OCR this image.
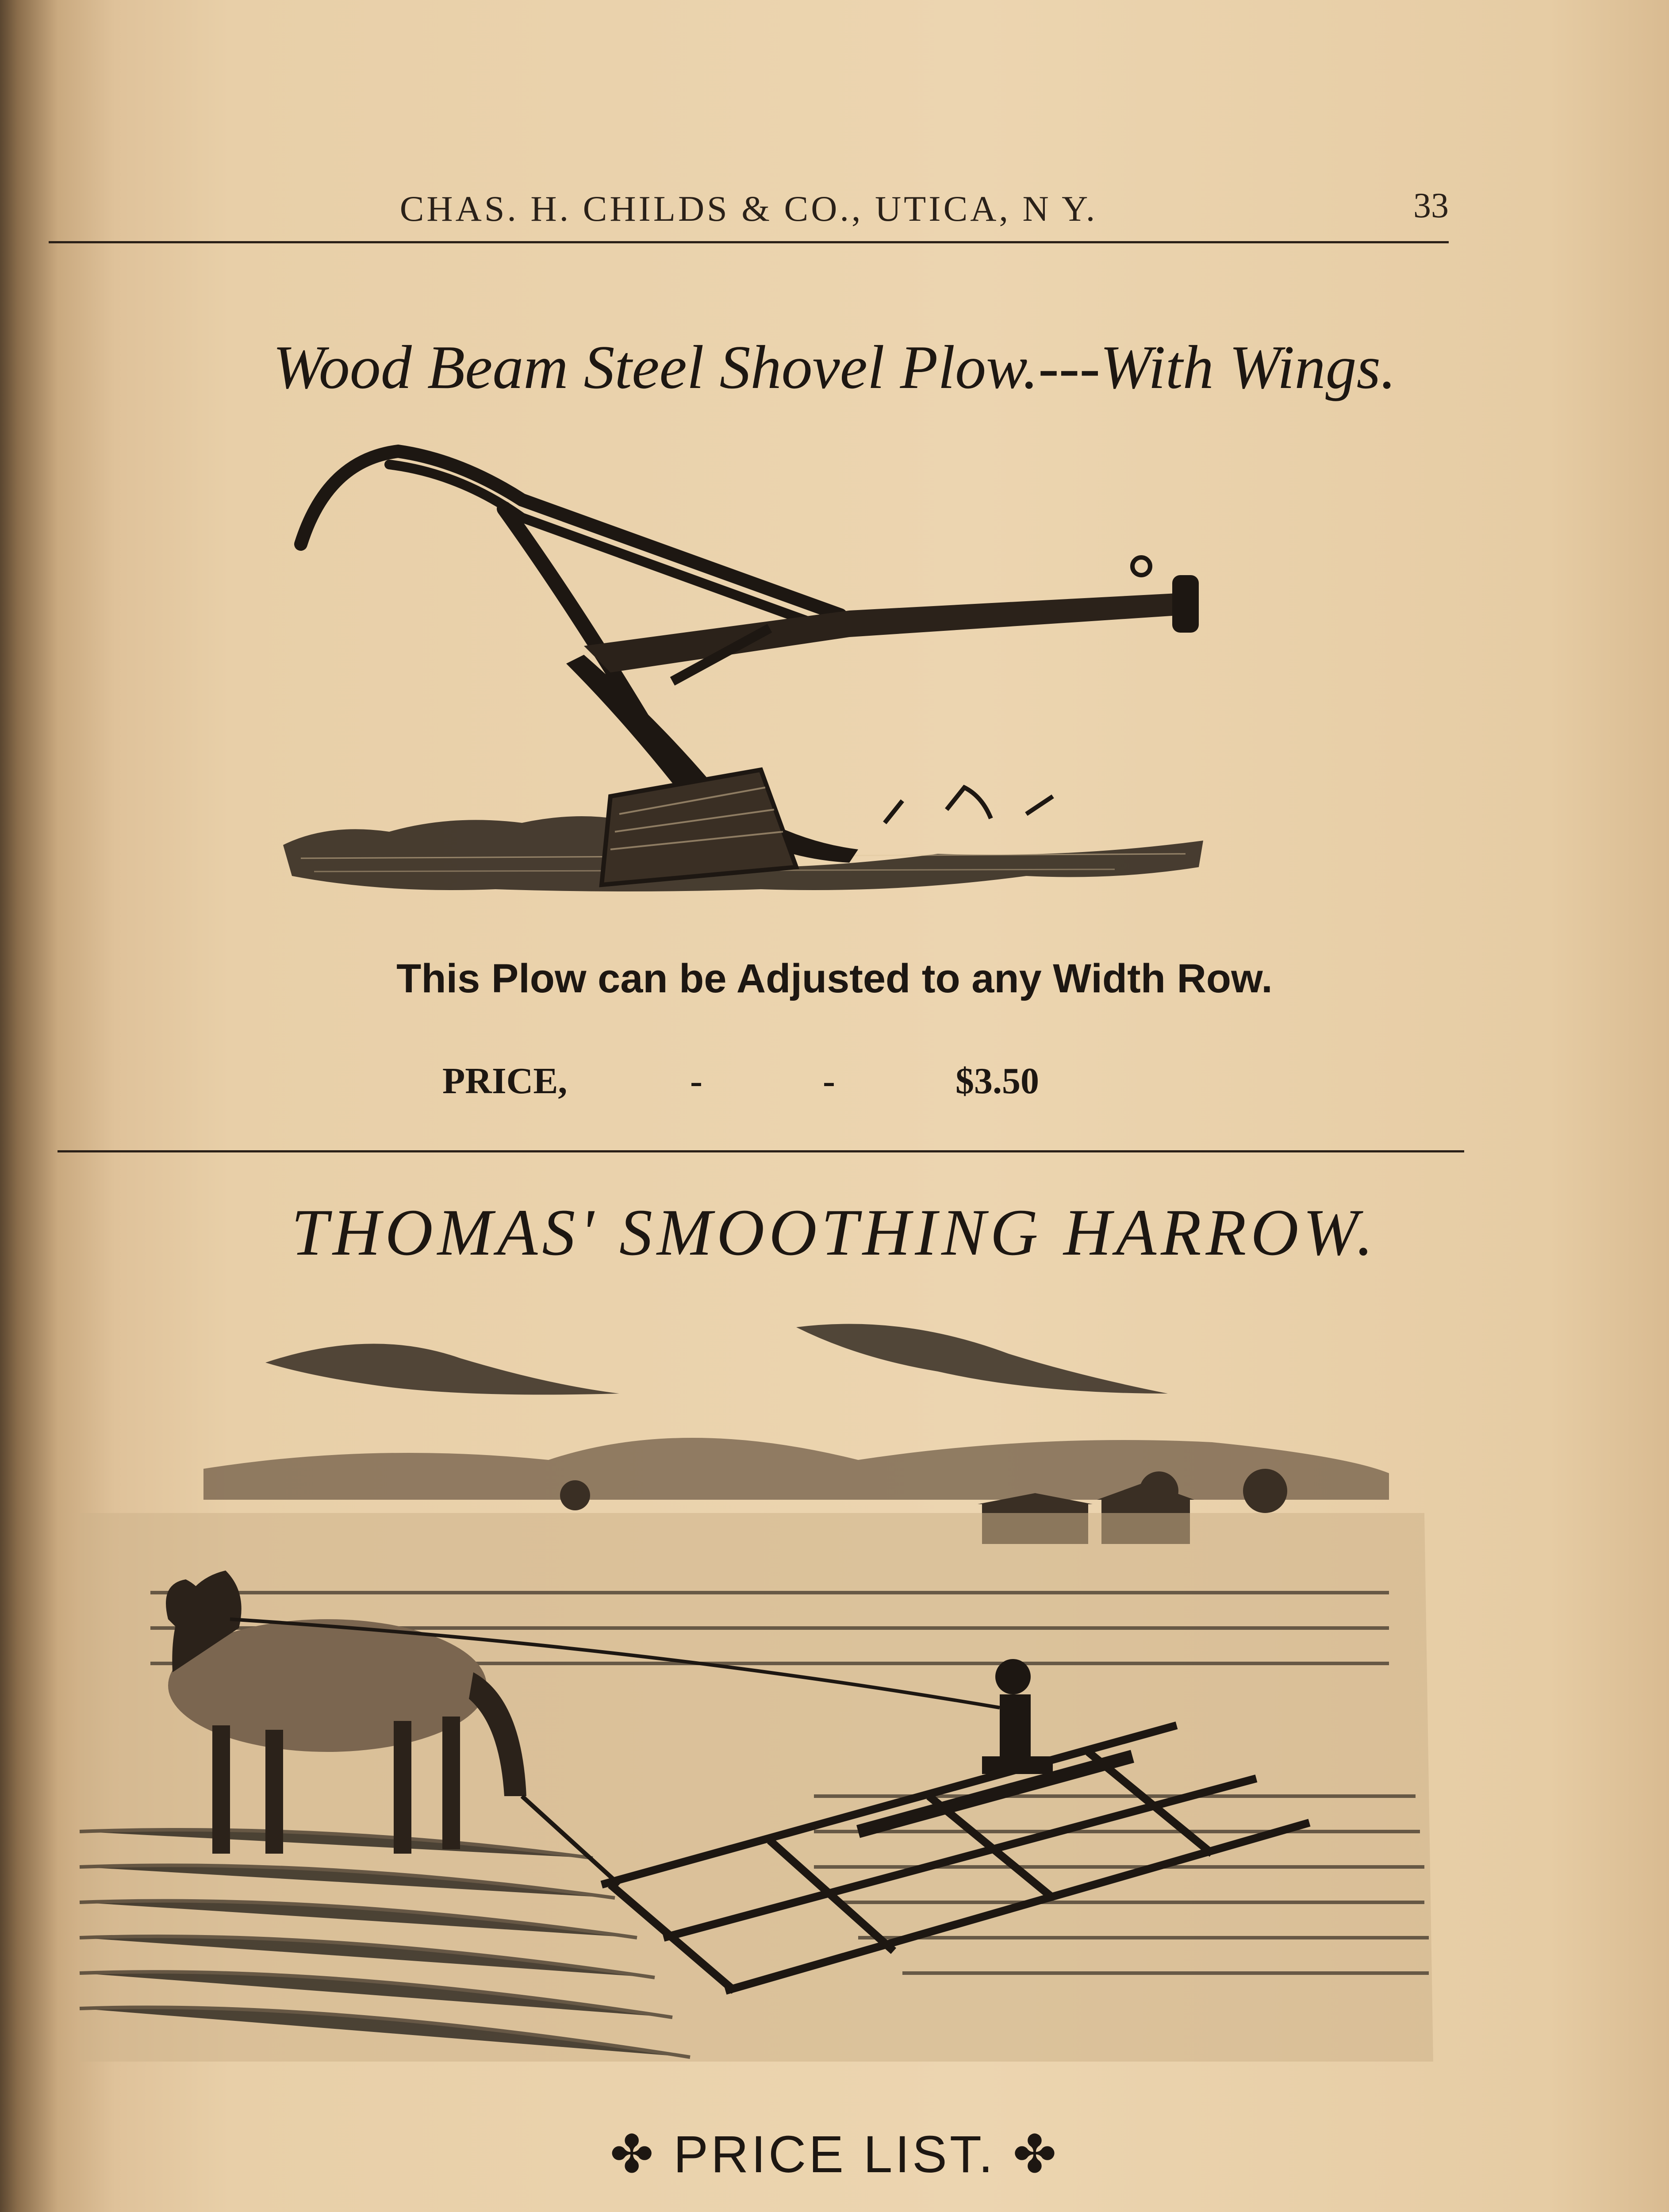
CHAS. H. CHILDS & CO., UTICA, N Y.	33
Wood Beam Steel Shovel Plow.---With Wings.
This Plow can be Adjusted to any Width Row.
PRICE,	-	-	$3.50
THOMAS' SMOOTHING HARROW.
✤ PRICE LIST. ✤
